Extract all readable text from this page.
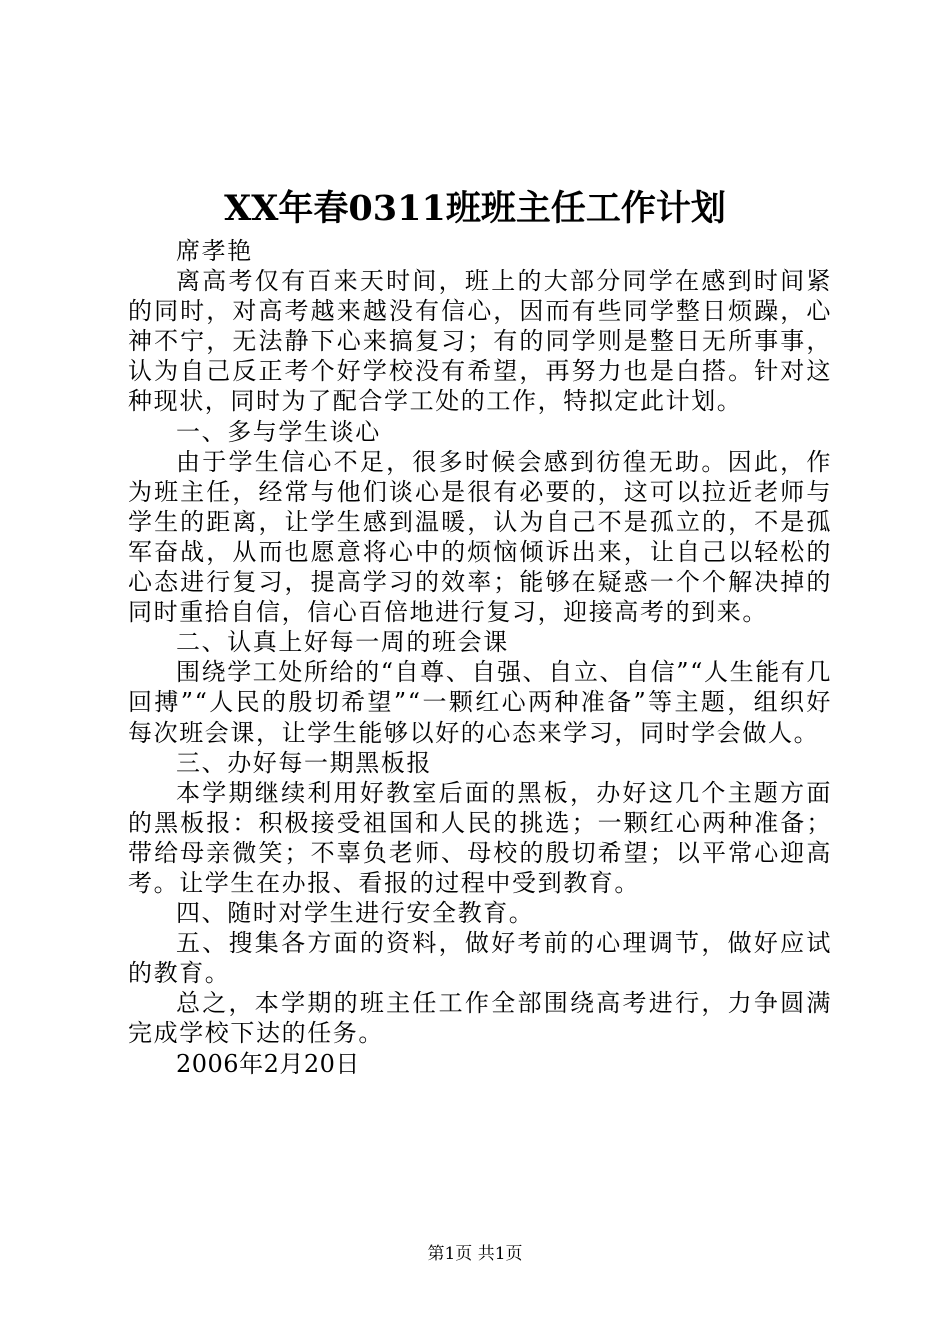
XX年春0311班班主任工作计划

席孝艳

离高考仅有百来天时间，班上的大部分同学在感到时间紧的同时，对高考越来越没有信心，因而有些同学整日烦躁，心神不宁，无法静下心来搞复习；有的同学则是整日无所事事，认为自己反正考个好学校没有希望，再努力也是白搭。针对这种现状，同时为了配合学工处的工作，特拟定此计划。

一、多与学生谈心

由于学生信心不足，很多时候会感到彷徨无助。因此，作为班主任，经常与他们谈心是很有必要的，这可以拉近老师与学生的距离，让学生感到温暖，认为自己不是孤立的，不是孤军奋战，从而也愿意将心中的烦恼倾诉出来，让自己以轻松的心态进行复习，提高学习的效率；能够在疑惑一个个解决掉的同时重拾自信，信心百倍地进行复习，迎接高考的到来。

二、认真上好每一周的班会课

围绕学工处所给的“自尊、自强、自立、自信”“人生能有几回搏”“人民的殷切希望”“一颗红心两种准备”等主题，组织好每次班会课，让学生能够以好的心态来学习，同时学会做人。

三、办好每一期黑板报

本学期继续利用好教室后面的黑板，办好这几个主题方面的黑板报：积极接受祖国和人民的挑选；一颗红心两种准备；带给母亲微笑；不辜负老师、母校的殷切希望；以平常心迎高考。让学生在办报、看报的过程中受到教育。

四、随时对学生进行安全教育。

五、搜集各方面的资料，做好考前的心理调节，做好应试的教育。

总之，本学期的班主任工作全部围绕高考进行，力争圆满完成学校下达的任务。

2006年2月20日

第1页 共1页
